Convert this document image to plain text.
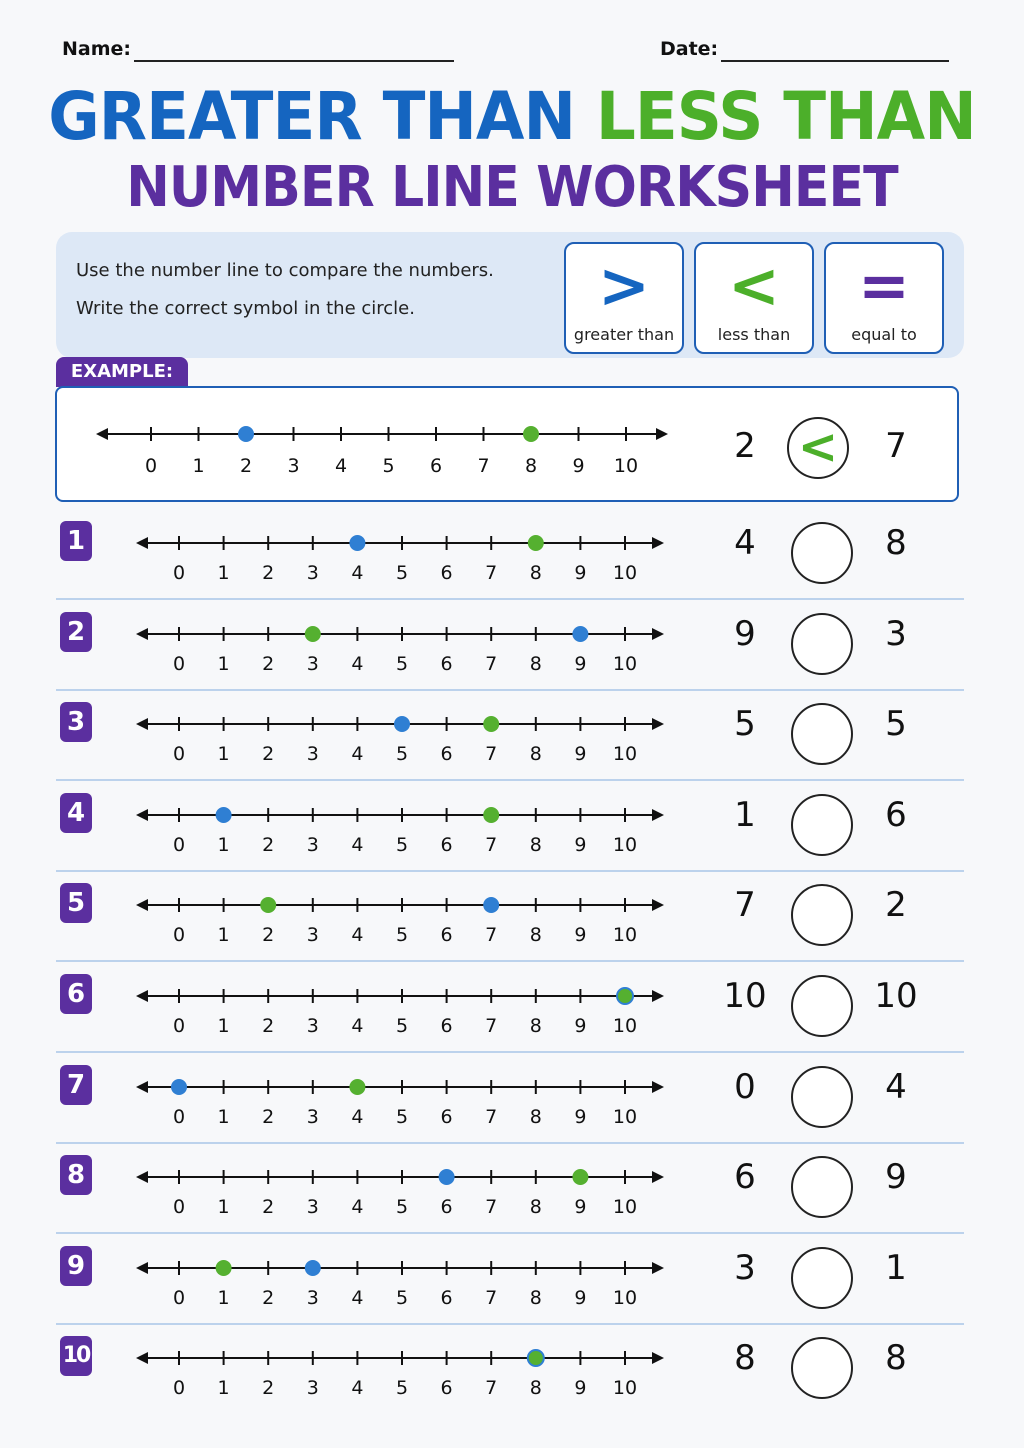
Name:	Date:
GREATER THAN LESS THAN
NUMBER LINE WORKSHEET

Use the number line to compare the numbers.

Write the correct symbol in the circle.	>
greater than
<
less than
=
equal to
EXAMPLE:
0 1 2 3 4 5 6 7 8 9 10	2 <	7
1
0 1 2 3 4 5 6 7 8 9 10
4	8
2
0 1 2 3 4 5 6 7 8 9 10
9	3
3
0 1 2 3 4 5 6 7 8 9 10
5	5
4
0 1 2 3 4 5 6 7 8 9 10
1	6
5
0 1 2 3 4 5 6 7 8 9 10
7	2
6
0 1 2 3 4 5 6 7 8 9 10
10	10
7
0 1 2 3 4 5 6 7 8 9 10
0	4
8
0 1 2 3 4 5 6 7 8 9 10
6	9
9
0 1 2 3 4 5 6 7 8 9 10
3	1
10
0 1 2 3 4 5 6 7 8 9 10
8	8
